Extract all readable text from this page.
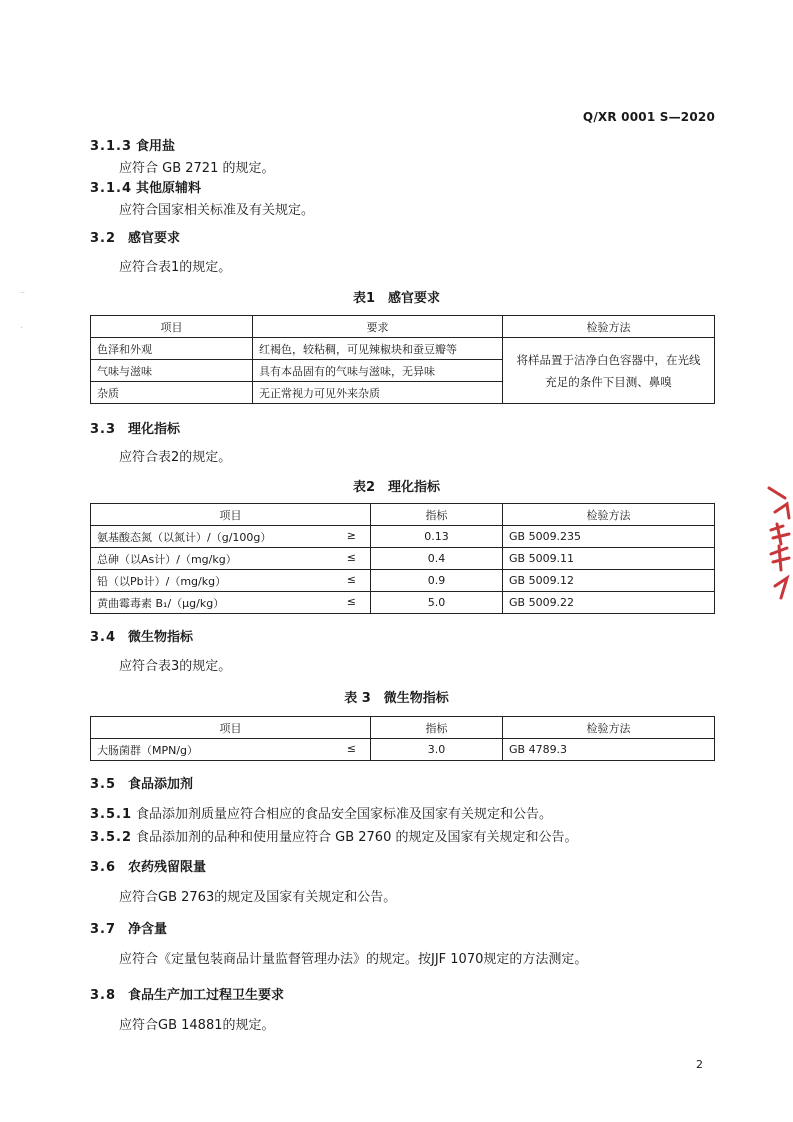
Q/XR 0001 S—2020
3.1.3 食用盐
应符合 GB 2721 的规定。
3.1.4 其他原辅料
应符合国家相关标准及有关规定。
3.2 感官要求
应符合表1的规定。
表1　感官要求
项目	要求	检验方法
色泽和外观	红褐色，较粘稠，可见辣椒块和蚕豆瓣等	将样品置于洁净白色容器中，在光线充足的条件下目测、鼻嗅
气味与滋味	具有本品固有的气味与滋味，无异味	
杂质	无正常视力可见外来杂质	
3.3 理化指标
应符合表2的规定。
表2　理化指标
项目	指标	检验方法

氨基酸态氮（以氮计）/（g/100g） ≥	0.13	GB 5009.235

总砷（以As计）/（mg/kg） ≤	0.4	GB 5009.11

铅（以Pb计）/（mg/kg） ≤	0.9	GB 5009.12

黄曲霉毒素 B₁/（μg/kg） ≤	5.0	GB 5009.22
3.4 微生物指标
应符合表3的规定。
表 3　微生物指标
项目	指标	检验方法

大肠菌群（MPN/g） ≤	3.0	GB 4789.3
3.5 食品添加剂
3.5.1 食品添加剂质量应符合相应的食品安全国家标准及国家有关规定和公告。
3.5.2 食品添加剂的品种和使用量应符合 GB 2760 的规定及国家有关规定和公告。
3.6 农药残留限量
应符合GB 2763的规定及国家有关规定和公告。
3.7 净含量
应符合《定量包装商品计量监督管理办法》的规定。按JJF 1070规定的方法测定。
3.8 食品生产加工过程卫生要求
应符合GB 14881的规定。
2
–
·
